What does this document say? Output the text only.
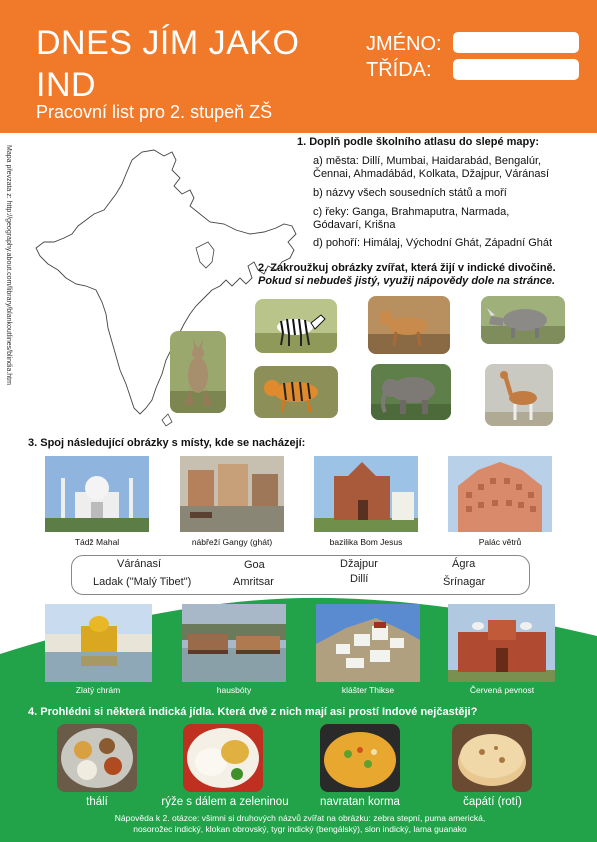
DNES JÍM JAKO IND
Pracovní list pro 2. stupeň ZŠ
JMÉNO:
TŘÍDA:
Mapa převzata z: http://geography.about.com/library/blankoutlines/blindia.htm
1. Doplň podle školního atlasu do slepé mapy:
a) města: Dillí, Mumbai, Haidarabád, Bengalúr,
Čennai, Ahmadábád, Kolkata, Džajpur, Váránasí
b) názvy všech sousedních států a moří
c) řeky: Ganga, Brahmaputra, Narmada,
Gódavarí, Krišna
d) pohoří: Himálaj, Východní Ghát, Západní Ghát
2. Zakroužkuj obrázky zvířat, která žijí v indické divočině.
Pokud si nebudeš jistý, využij nápovědy dole na stránce.
3. Spoj následující obrázky s místy, kde se nacházejí:
Tádž Mahal	nábřeží Gangy (ghát)	bazilika Bom Jesus	Palác větrů
Váránasí	Goa	Džajpur	Ágra
Ladak ("Malý Tibet")	Amritsar	Dillí	Šrínagar
Zlatý chrám	hausbóty	klášter Thikse	Červená pevnost
4. Prohlédni si některá indická jídla. Která dvě z nich mají asi prostí Indové nejčastěji?
thálí	rýže s dálem a zeleninou	navratan korma	čapátí (rotí)
Nápověda k 2. otázce: všimni si druhových názvů zvířat na obrázku: zebra stepní, puma americká,
nosorožec indický, klokan obrovský, tygr indický (bengálský), slon indický, lama guanako
